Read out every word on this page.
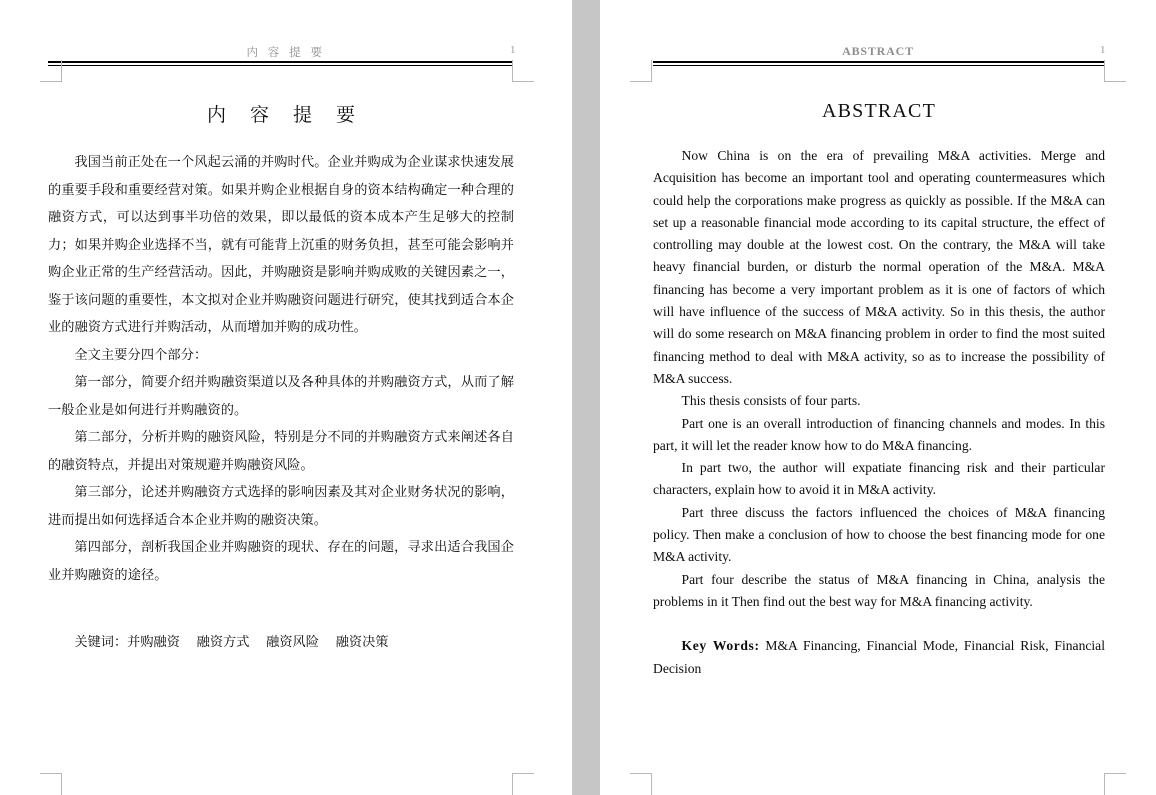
内 容 提 要	1
内 容 提 要

我国当前正处在一个风起云涌的并购时代。企业并购成为企业谋求快速发展的重要手段和重要经营对策。如果并购企业根据自身的资本结构确定一种合理的融资方式，可以达到事半功倍的效果，即以最低的资本成本产生足够大的控制力；如果并购企业选择不当，就有可能背上沉重的财务负担，甚至可能会影响并购企业正常的生产经营活动。因此，并购融资是影响并购成败的关键因素之一，鉴于该问题的重要性，本文拟对企业并购融资问题进行研究，使其找到适合本企业的融资方式进行并购活动，从而增加并购的成功性。

全文主要分四个部分：

第一部分，简要介绍并购融资渠道以及各种具体的并购融资方式，从而了解一般企业是如何进行并购融资的。

第二部分，分析并购的融资风险，特别是分不同的并购融资方式来阐述各自的融资特点，并提出对策规避并购融资风险。

第三部分，论述并购融资方式选择的影响因素及其对企业财务状况的影响，进而提出如何选择适合本企业并购的融资决策。

第四部分，剖析我国企业并购融资的现状、存在的问题，寻求出适合我国企业并购融资的途径。

关键词：并购融资    融资方式    融资风险    融资决策

ABSTRACT	1
ABSTRACT

Now China is on the era of prevailing M&A activities. Merge and Acquisition has become an important tool and operating countermeasures which could help the corporations make progress as quickly as possible. If the M&A can set up a reasonable financial mode according to its capital structure, the effect of controlling may double at the lowest cost. On the contrary, the M&A will take heavy financial burden, or disturb the normal operation of the M&A. M&A financing has become a very important problem as it is one of factors of which will have influence of the success of M&A activity. So in this thesis, the author will do some research on M&A financing problem in order to find the most suited financing method to deal with M&A activity, so as to increase the possibility of M&A success.

This thesis consists of four parts.

Part one is an overall introduction of financing channels and modes. In this part, it will let the reader know how to do M&A financing.

In part two, the author will expatiate financing risk and their particular characters, explain how to avoid it in M&A activity.

Part three discuss the factors influenced the choices of M&A financing policy. Then make a conclusion of how to choose the best financing mode for one M&A activity.

Part four describe the status of M&A financing in China, analysis the problems in it Then find out the best way for M&A financing activity.

Key Words: M&A Financing, Financial Mode, Financial Risk, Financial Decision
